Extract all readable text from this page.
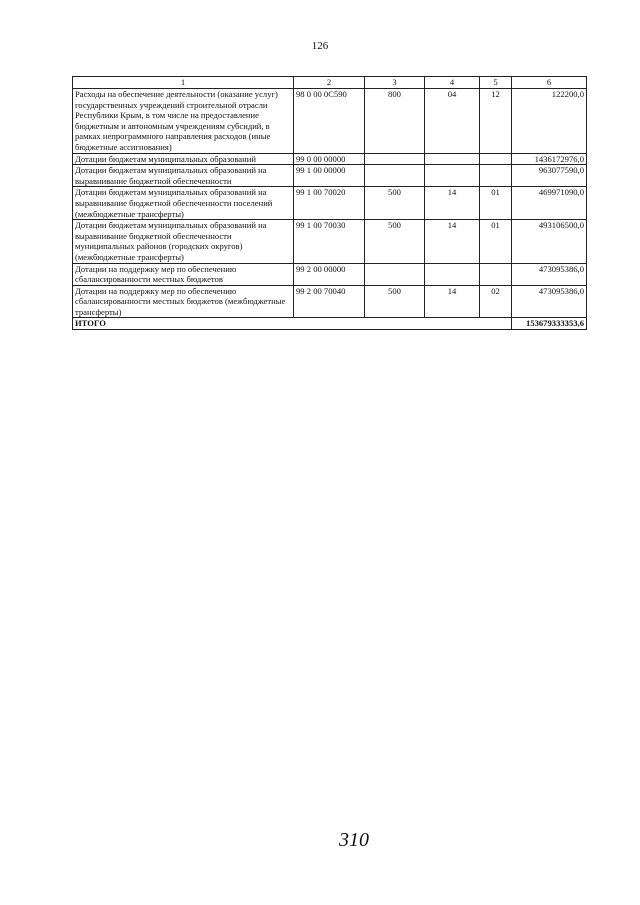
126
1	2	3	4	5	6
Расходы на обеспечение деятельности (оказание услуг) государственных учреждений строительной отрасли Республики Крым, в том числе на предоставление бюджетным и автономным учреждениям субсидий, в рамках непрограммного направления расходов (иные бюджетные ассигнования)	98 0 00 0С590	800	04	12	122200,0
Дотации бюджетам муниципальных образований	99 0 00 00000				1436172976,0
Дотации бюджетам муниципальных образований на выравнивание бюджетной обеспеченности	99 1 00 00000				963077590,0
Дотации бюджетам муниципальных образований на выравнивание бюджетной обеспеченности поселений (межбюджетные трансферты)	99 1 00 70020	500	14	01	469971090,0
Дотации бюджетам муниципальных образований на выравнивание бюджетной обеспеченности муниципальных районов (городских округов) (межбюджетные трансферты)	99 1 00 70030	500	14	01	493106500,0
Дотации на поддержку мер по обеспечению сбалансированности местных бюджетов	99 2 00 00000				473095386,0
Дотации на поддержку мер по обеспечению сбалансированности местных бюджетов (межбюджетные трансферты)	99 2 00 70040	500	14	02	473095386,0
ИТОГО					153679333353,6
310
